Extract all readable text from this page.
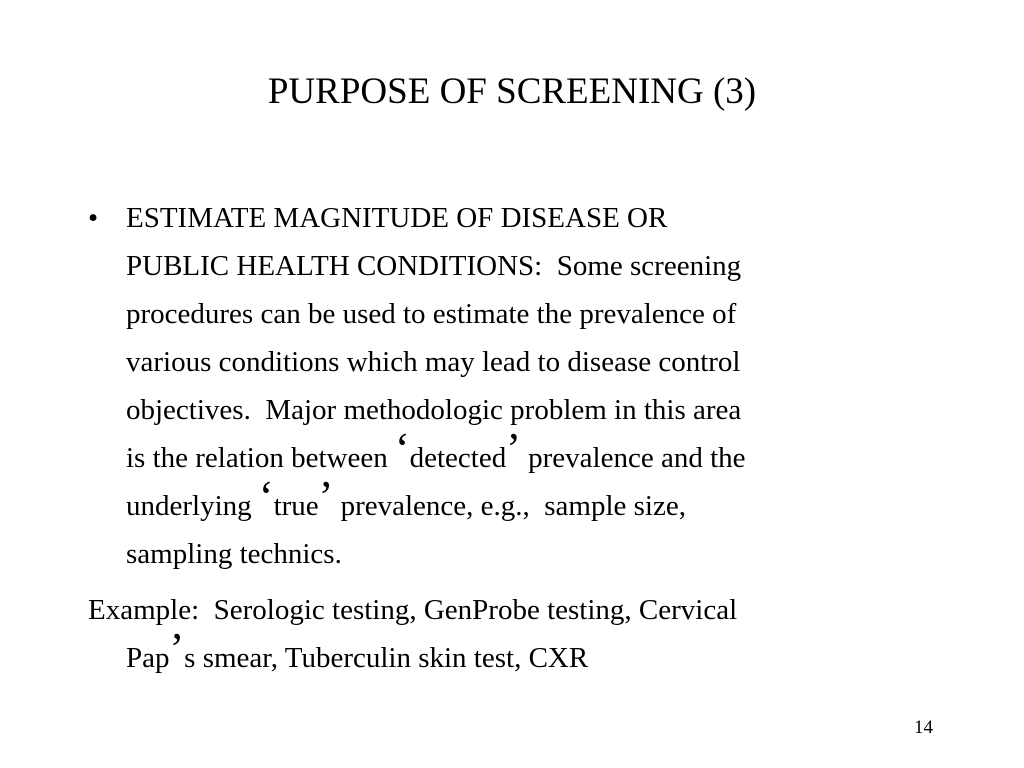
PURPOSE OF SCREENING (3)
• ESTIMATE MAGNITUDE OF DISEASE OR
PUBLIC HEALTH CONDITIONS:  Some screening
procedures can be used to estimate the prevalence of
various conditions which may lead to disease control
objectives.  Major methodologic problem in this area
is the relation between ‘detected’ prevalence and the
underlying ‘true’ prevalence, e.g.,  sample size,
sampling technics.
Example:  Serologic testing, GenProbe testing, Cervical
Pap’s smear, Tuberculin skin test, CXR
14
